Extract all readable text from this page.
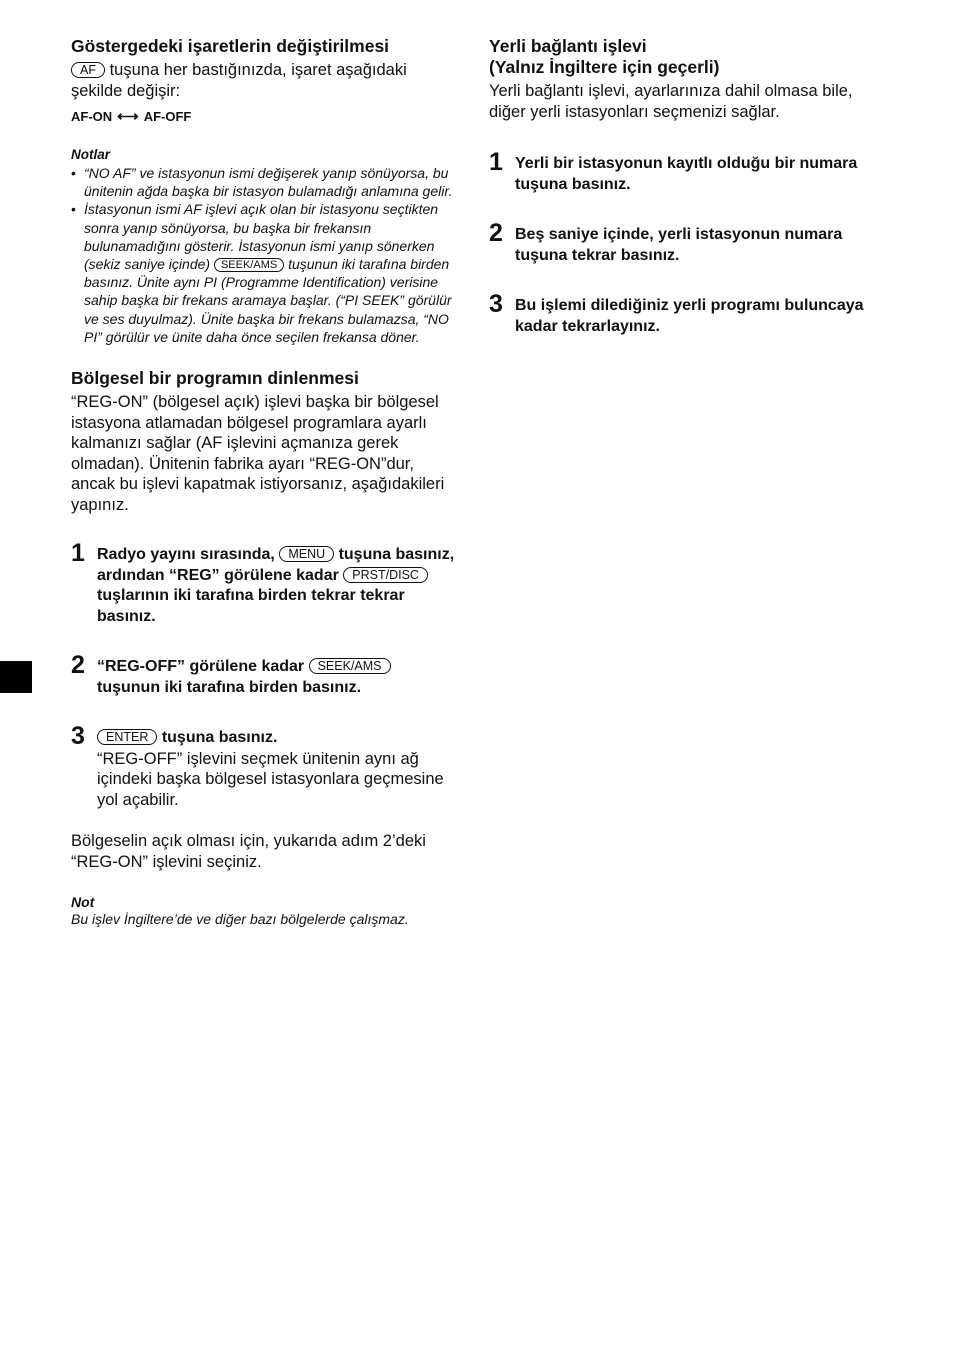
Göstergedeki işaretlerin değiştirilmesi

AF tuşuna her bastığınızda, işaret aşağıdaki şekilde değişir:

AF-ON ⟷ AF-OFF
Notlar
• “NO AF” ve istasyonun ismi değişerek yanıp sönüyorsa, bu ünitenin ağda başka bir istasyon bulamadığı anlamına gelir.
• İstasyonun ismi AF işlevi açık olan bir istasyonu seçtikten sonra yanıp sönüyorsa, bu başka bir frekansın bulunamadığını gösterir. İstasyonun ismi yanıp sönerken (sekiz saniye içinde) SEEK/AMS tuşunun iki tarafına birden basınız. Ünite aynı PI (Programme Identification) verisine sahip başka bir frekans aramaya başlar. (“PI SEEK” görülür ve ses duyulmaz). Ünite başka bir frekans bulamazsa, “NO PI” görülür ve ünite daha önce seçilen frekansa döner.
Bölgesel bir programın dinlenmesi

“REG-ON” (bölgesel açık) işlevi başka bir bölgesel istasyona atlamadan bölgesel programlara ayarlı kalmanızı sağlar (AF işlevini açmanıza gerek olmadan). Ünitenin fabrika ayarı “REG-ON”dur, ancak bu işlevi kapatmak istiyorsanız, aşağıdakileri yapınız.

1 Radyo yayını sırasında, MENU tuşuna basınız, ardından “REG” görülene kadar PRST/DISC tuşlarının iki tarafına birden tekrar tekrar basınız.
2 “REG-OFF” görülene kadar SEEK/AMS tuşunun iki tarafına birden basınız.
3	ENTER tuşuna basınız.
“REG-OFF” işlevini seçmek ünitenin aynı ağ içindeki başka bölgesel istasyonlara geçmesine yol açabilir.

Bölgeselin açık olması için, yukarıda adım 2’deki “REG-ON” işlevini seçiniz.

Not
Bu işlev İngiltere’de ve diğer bazı bölgelerde çalışmaz.
Yerli bağlantı işlevi
(Yalnız İngiltere için geçerli)

Yerli bağlantı işlevi, ayarlarınıza dahil olmasa bile, diğer yerli istasyonları seçmenizi sağlar.

1 Yerli bir istasyonun kayıtlı olduğu bir numara tuşuna basınız.
2 Beş saniye içinde, yerli istasyonun numara tuşuna tekrar basınız.
3 Bu işlemi dilediğiniz yerli programı buluncaya kadar tekrarlayınız.
